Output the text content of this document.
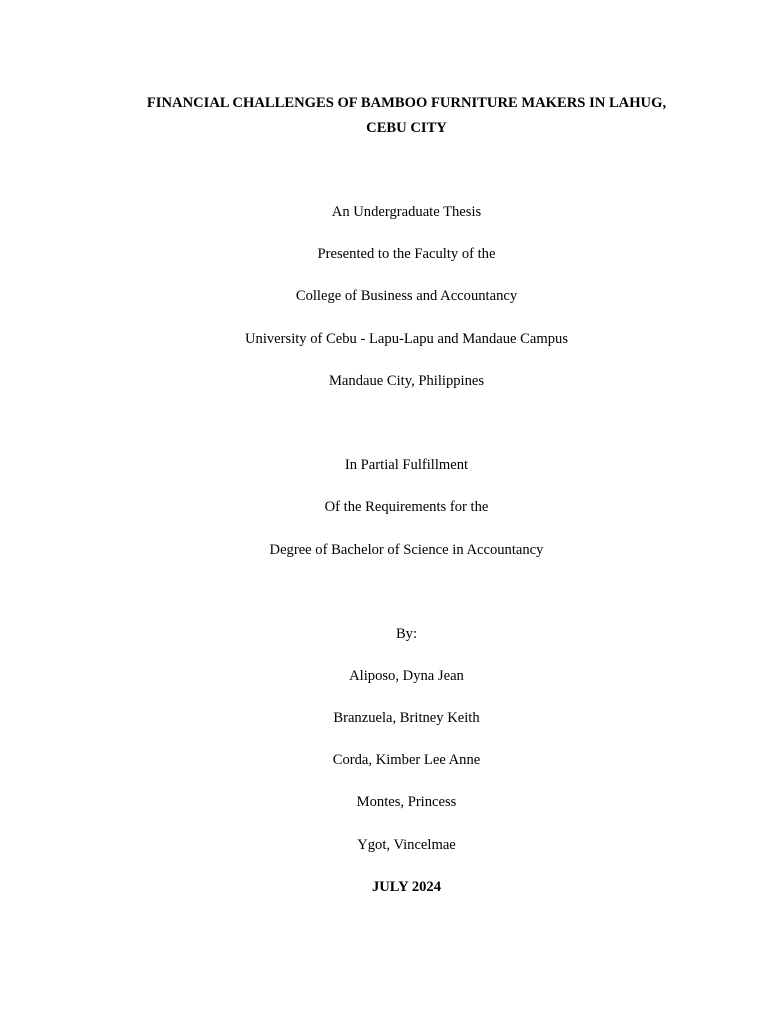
FINANCIAL CHALLENGES OF BAMBOO FURNITURE MAKERS IN LAHUG,
CEBU CITY
An Undergraduate Thesis
Presented to the Faculty of the
College of Business and Accountancy
University of Cebu - Lapu-Lapu and Mandaue Campus
Mandaue City, Philippines
In Partial Fulfillment
Of the Requirements for the
Degree of Bachelor of Science in Accountancy
By:
Aliposo, Dyna Jean
Branzuela, Britney Keith
Corda, Kimber Lee Anne
Montes, Princess
Ygot, Vincelmae
JULY 2024
